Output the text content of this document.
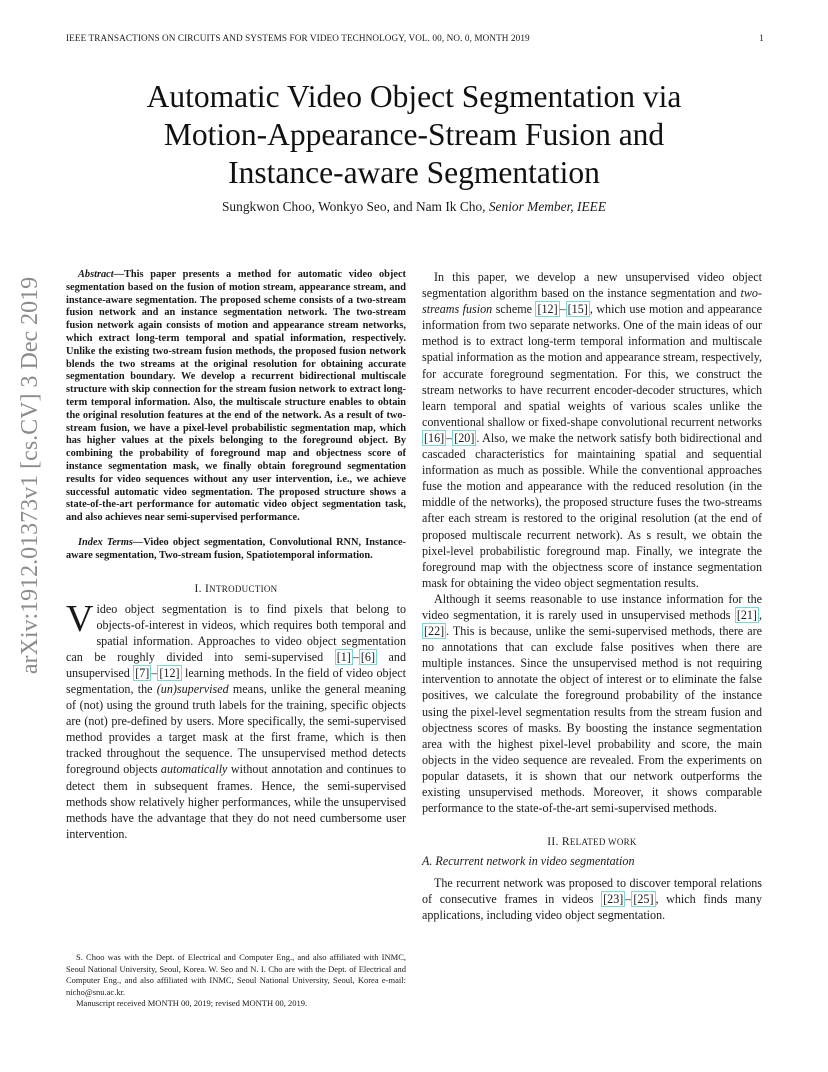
IEEE TRANSACTIONS ON CIRCUITS AND SYSTEMS FOR VIDEO TECHNOLOGY, VOL. 00, NO. 0, MONTH 2019	1
arXiv:1912.01373v1 [cs.CV] 3 Dec 2019
Automatic Video Object Segmentation via
Motion-Appearance-Stream Fusion and
Instance-aware Segmentation
Sungkwon Choo, Wonkyo Seo, and Nam Ik Cho, Senior Member, IEEE

Abstract—This paper presents a method for automatic video object segmentation based on the fusion of motion stream, appearance stream, and instance-aware segmentation. The proposed scheme consists of a two-stream fusion network and an instance segmentation network. The two-stream fusion network again consists of motion and appearance stream networks, which extract long-term temporal and spatial information, respectively. Unlike the existing two-stream fusion methods, the proposed fusion network blends the two streams at the original resolution for obtaining accurate segmentation boundary. We develop a recurrent bidirectional multiscale structure with skip connection for the stream fusion network to extract long-term temporal information. Also, the multiscale structure enables to obtain the original resolution features at the end of the network. As a result of two-stream fusion, we have a pixel-level probabilistic segmentation map, which has higher values at the pixels belonging to the foreground object. By combining the probability of foreground map and objectness score of instance segmentation mask, we finally obtain foreground segmentation results for video sequences without any user intervention, i.e., we achieve successful automatic video segmentation. The proposed structure shows a state-of-the-art performance for automatic video object segmentation task, and also achieves near semi-supervised performance.

Index Terms—Video object segmentation, Convolutional RNN, Instance-aware segmentation, Two-stream fusion, Spatiotemporal information.

I. INTRODUCTION

Video object segmentation is to find pixels that belong to objects-of-interest in videos, which requires both temporal and spatial information. Approaches to video object segmentation can be roughly divided into semi-supervised [1] – [6] and unsupervised [7] – [12] learning methods. In the field of video object segmentation, the (un)supervised means, unlike the general meaning of (not) using the ground truth labels for the training, specific objects are (not) pre-defined by users. More specifically, the semi-supervised method provides a target mask at the first frame, which is then tracked throughout the sequence. The unsupervised method detects foreground objects automatically without annotation and continues to detect them in subsequent frames. Hence, the semi-supervised methods show relatively higher performances, while the unsupervised methods have the advantage that they do not need cumbersome user intervention.

S. Choo was with the Dept. of Electrical and Computer Eng., and also affiliated with INMC, Seoul National University, Seoul, Korea. W. Seo and N. I. Cho are with the Dept. of Electrical and Computer Eng., and also affiliated with INMC, Seoul National University, Seoul, Korea e-mail: nicho@snu.ac.kr.

Manuscript received MONTH 00, 2019; revised MONTH 00, 2019.

In this paper, we develop a new unsupervised video object segmentation algorithm based on the instance segmentation and two-streams fusion scheme [12] – [15] , which use motion and appearance information from two separate networks. One of the main ideas of our method is to extract long-term temporal information and multiscale spatial information as the motion and appearance stream, respectively, for accurate foreground segmentation. For this, we construct the stream networks to have recurrent encoder-decoder structures, which learn temporal and spatial weights of various scales unlike the conventional shallow or fixed-shape convolutional recurrent networks [16] – [20] . Also, we make the network satisfy both bidirectional and cascaded characteristics for maintaining spatial and sequential information as much as possible. While the conventional approaches fuse the motion and appearance with the reduced resolution (in the middle of the networks), the proposed structure fuses the two-streams after each stream is restored to the original resolution (at the end of proposed multiscale recurrent network). As s result, we obtain the pixel-level probabilistic foreground map. Finally, we integrate the foreground map with the objectness score of instance segmentation mask for obtaining the video object segmentation results.

Although it seems reasonable to use instance information for the video segmentation, it is rarely used in unsupervised methods [21] , [22] . This is because, unlike the semi-supervised methods, there are no annotations that can exclude false positives when there are multiple instances. Since the unsupervised method is not requiring intervention to annotate the object of interest or to eliminate the false positives, we calculate the foreground probability of the instance using the pixel-level segmentation results from the stream fusion and objectness scores of masks. By boosting the instance segmentation area with the highest pixel-level probability and score, the main objects in the video sequence are revealed. From the experiments on popular datasets, it is shown that our network outperforms the existing unsupervised methods. Moreover, it shows comparable performance to the state-of-the-art semi-supervised methods.

II. RELATED WORK
A. Recurrent network in video segmentation

The recurrent network was proposed to discover temporal relations of consecutive frames in videos [23] – [25] , which finds many applications, including video object segmentation.
